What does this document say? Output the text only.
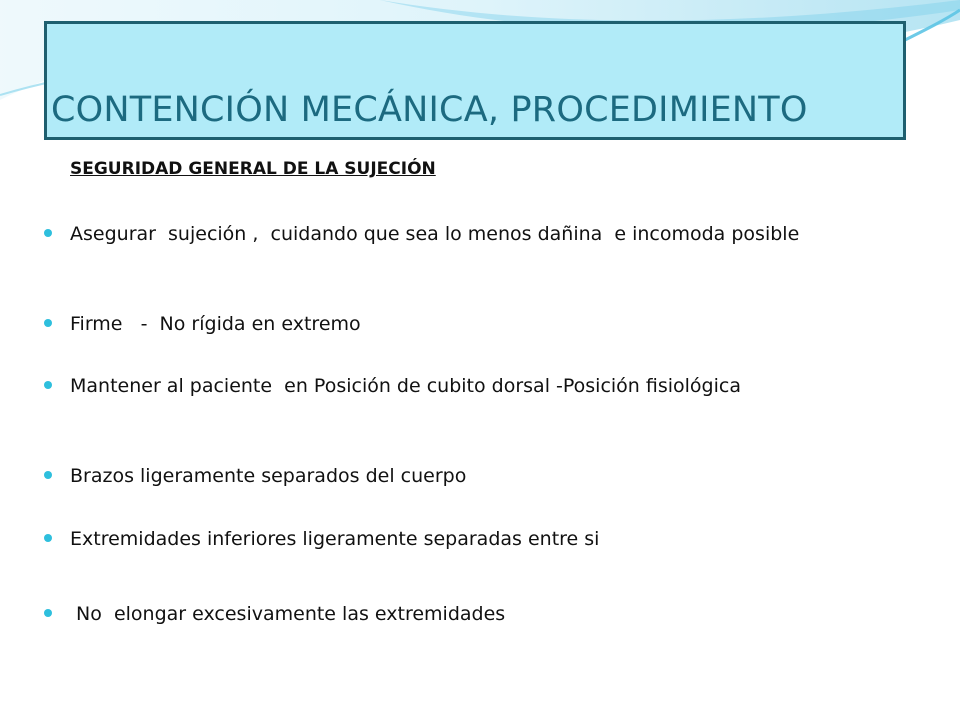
CONTENCIÓN MECÁNICA, PROCEDIMIENTO
SEGURIDAD GENERAL DE LA SUJECIÓN
Asegurar  sujeción ,  cuidando que sea lo menos dañina  e incomoda posible
Firme   -  No rígida en extremo
Mantener al paciente  en Posición de cubito dorsal -Posición fisiológica
Brazos ligeramente separados del cuerpo
Extremidades inferiores ligeramente separadas entre si
No  elongar excesivamente las extremidades
